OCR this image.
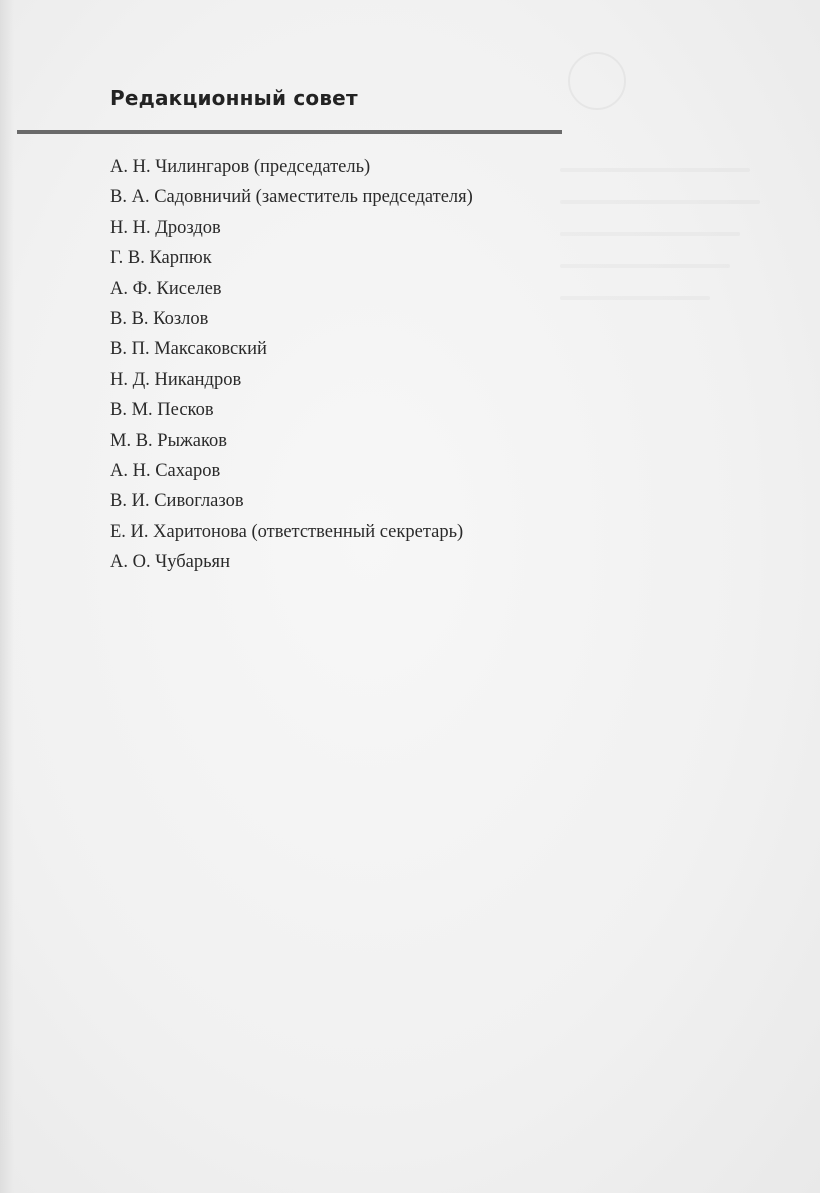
Редакционный совет
А. Н. Чилингаров (председатель)
В. А. Садовничий (заместитель председателя)
Н. Н. Дроздов
Г. В. Карпюк
А. Ф. Киселев
В. В. Козлов
В. П. Максаковский
Н. Д. Никандров
В. М. Песков
М. В. Рыжаков
А. Н. Сахаров
В. И. Сивоглазов
Е. И. Харитонова (ответственный секретарь)
А. О. Чубарьян
